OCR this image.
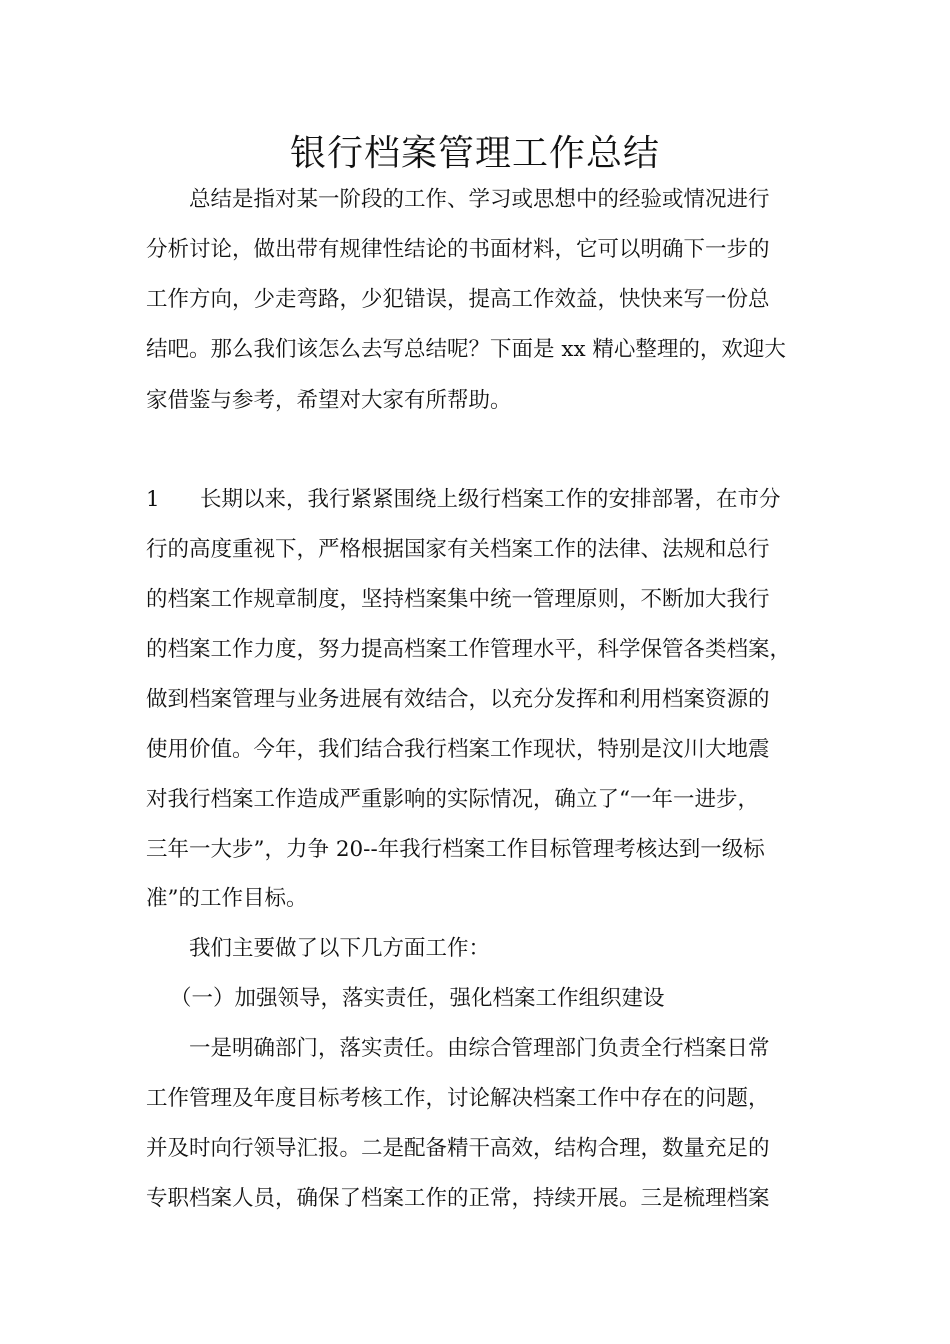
银行档案管理工作总结

总结是指对某一阶段的工作、学习或思想中的经验或情况进行

分析讨论，做出带有规律性结论的书面材料，它可以明确下一步的

工作方向，少走弯路，少犯错误，提高工作效益，快快来写一份总

结吧。那么我们该怎么去写总结呢？下面是 xx 精心整理的，欢迎大

家借鉴与参考，希望对大家有所帮助。

1 长期以来，我行紧紧围绕上级行档案工作的安排部署，在市分

行的高度重视下，严格根据国家有关档案工作的法律、法规和总行

的档案工作规章制度，坚持档案集中统一管理原则，不断加大我行

的档案工作力度，努力提高档案工作管理水平，科学保管各类档案，

做到档案管理与业务进展有效结合，以充分发挥和利用档案资源的

使用价值。今年，我们结合我行档案工作现状，特别是汶川大地震

对我行档案工作造成严重影响的实际情况，确立了“一年一进步，

三年一大步”，力争 20--年我行档案工作目标管理考核达到一级标

准”的工作目标。

我们主要做了以下几方面工作：

（一）加强领导，落实责任，强化档案工作组织建设

一是明确部门，落实责任。由综合管理部门负责全行档案日常

工作管理及年度目标考核工作，讨论解决档案工作中存在的问题，

并及时向行领导汇报。二是配备精干高效，结构合理，数量充足的

专职档案人员，确保了档案工作的正常，持续开展。三是梳理档案
